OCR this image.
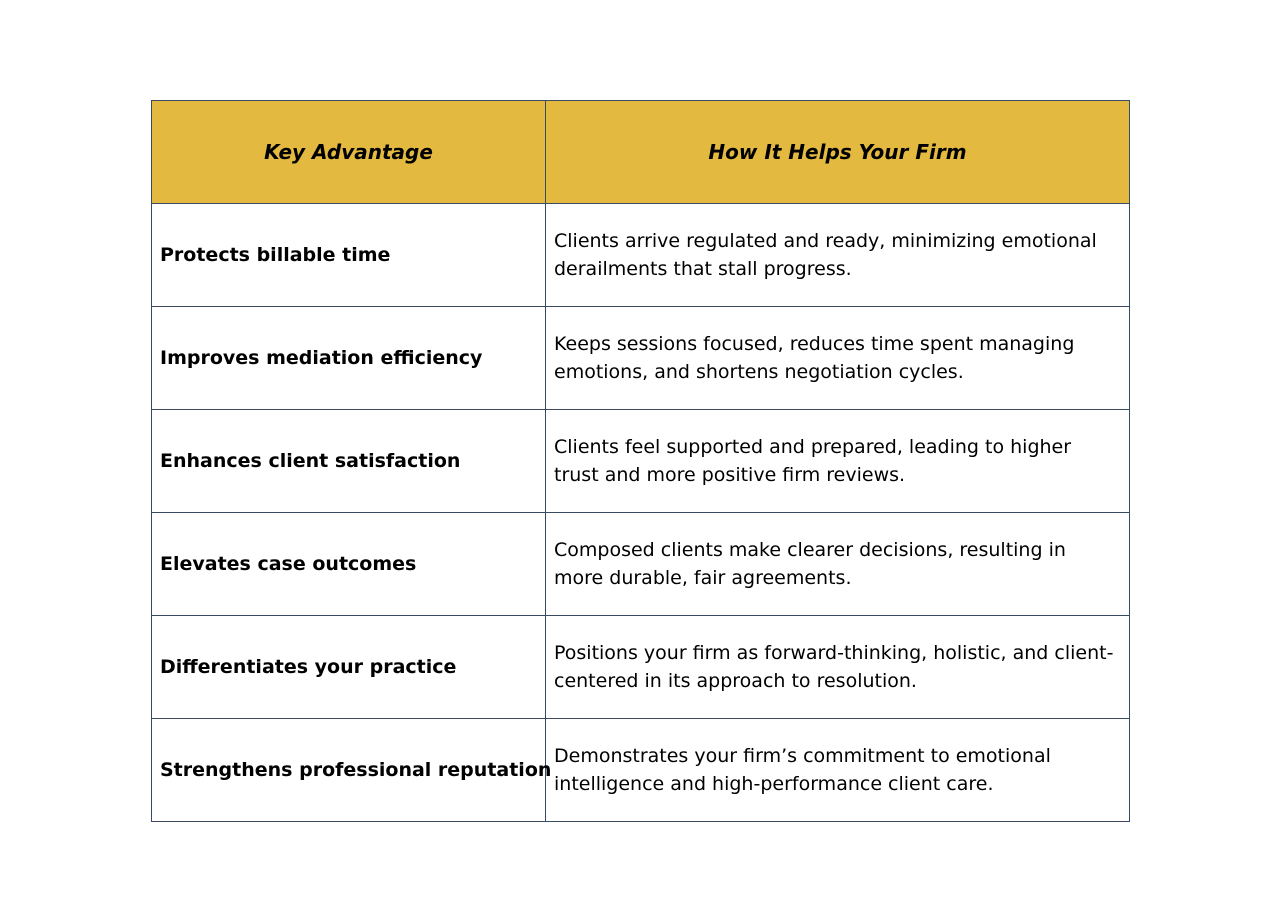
Key Advantage	How It Helps Your Firm
Protects billable time	Clients arrive regulated and ready, minimizing emotional derailments that stall progress.
Improves mediation efficiency	Keeps sessions focused, reduces time spent managing emotions, and shortens negotiation cycles.
Enhances client satisfaction	Clients feel supported and prepared, leading to higher trust and more positive firm reviews.
Elevates case outcomes	Composed clients make clearer decisions, resulting in more durable, fair agreements.
Differentiates your practice	Positions your firm as forward-thinking, holistic, and client-centered in its approach to resolution.
Strengthens professional reputation	Demonstrates your firm’s commitment to emotional intelligence and high-performance client care.
